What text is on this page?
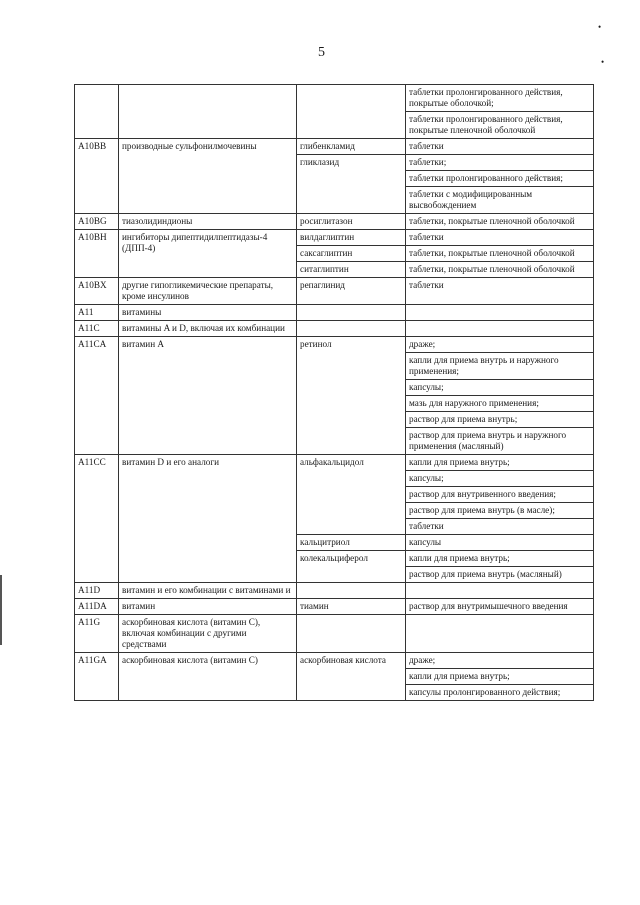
5
•
•
			таблетки пролонгированного действия, покрытые оболочкой;
			таблетки пролонгированного действия, покрытые пленочной оболочкой
A10BB	производные сульфонилмочевины	глибенкламид	таблетки
		гликлазид	таблетки;
			таблетки пролонгированного действия;
			таблетки с модифицированным высвобождением
A10BG	тиазолидиндионы	росиглитазон	таблетки, покрытые пленочной оболочкой
A10BH	ингибиторы дипептидилпептидазы-4 (ДПП-4)	вилдаглиптин	таблетки
		саксаглиптин	таблетки, покрытые пленочной оболочкой
		ситаглиптин	таблетки, покрытые пленочной оболочкой
A10BX	другие гипогликемические препараты, кроме инсулинов	репаглинид	таблетки
A11	витамины		
A11C	витамины A и D, включая их комбинации		
A11CA	витамин A	ретинол	драже;
			капли для приема внутрь и наружного применения;
			капсулы;
			мазь для наружного применения;
			раствор для приема внутрь;
			раствор для приема внутрь и наружного применения (масляный)
A11CC	витамин D и его аналоги	альфакальцидол	капли для приема внутрь;
			капсулы;
			раствор для внутривенного введения;
			раствор для приема внутрь (в масле);
			таблетки
		кальцитриол	капсулы
		колекальциферол	капли для приема внутрь;
			раствор для приема внутрь (масляный)
A11D	витамин и его комбинации с витаминами и		
A11DA	витамин	тиамин	раствор для внутримышечного введения
A11G	аскорбиновая кислота (витамин C), включая комбинации с другими средствами		
A11GA	аскорбиновая кислота (витамин C)	аскорбиновая кислота	драже;
			капли для приема внутрь;
			капсулы пролонгированного действия;
